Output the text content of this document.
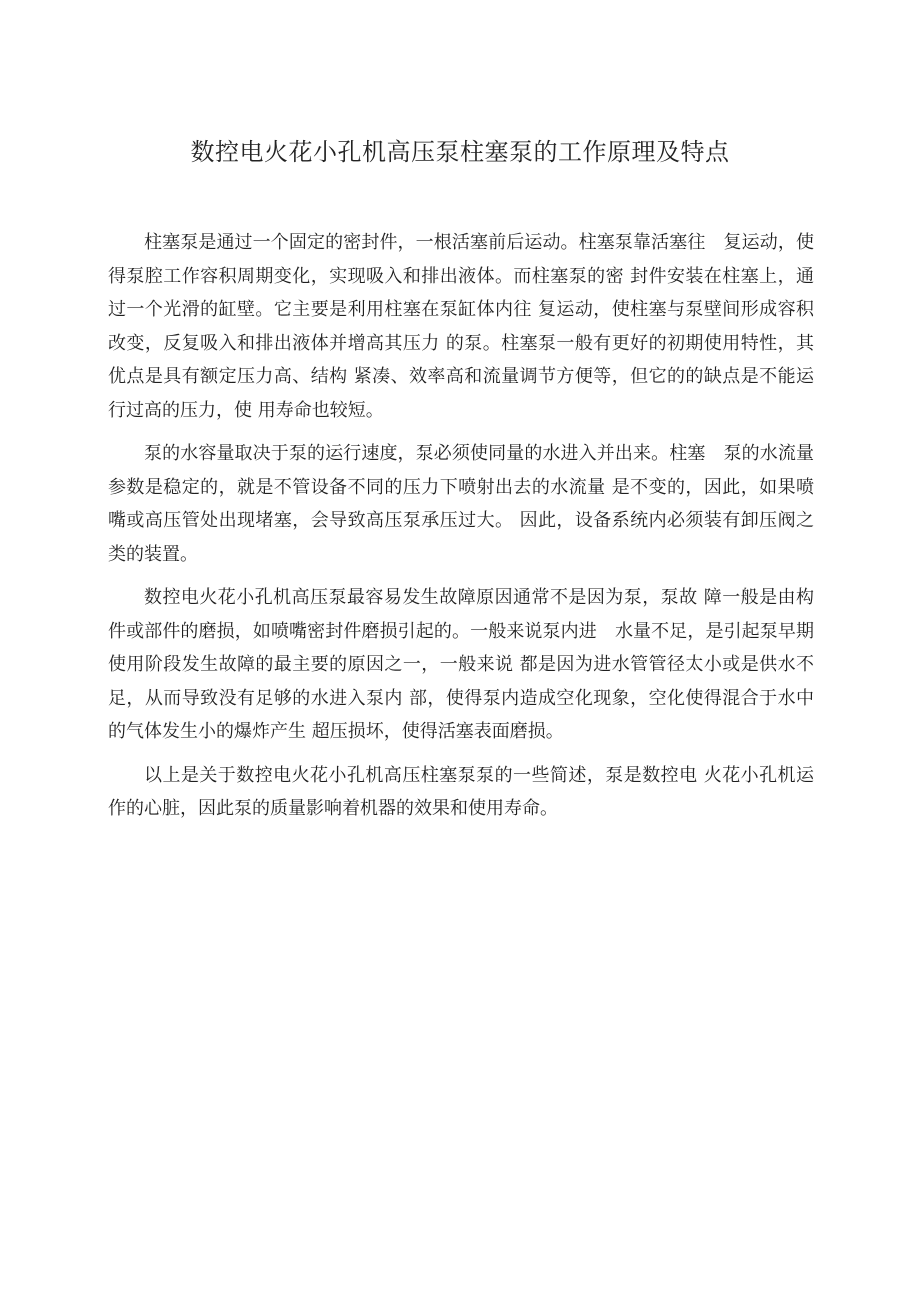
数控电火花小孔机高压泵柱塞泵的工作原理及特点

柱塞泵是通过一个固定的密封件，一根活塞前后运动。柱塞泵靠活塞往　复运动，使得泵腔工作容积周期变化，实现吸入和排出液体。而柱塞泵的密 封件安装在柱塞上，通过一个光滑的缸壁。它主要是利用柱塞在泵缸体内往 复运动，使柱塞与泵壁间形成容积改变，反复吸入和排出液体并增高其压力 的泵。柱塞泵一般有更好的初期使用特性，其优点是具有额定压力高、结构 紧凑、效率高和流量调节方便等，但它的的缺点是不能运行过高的压力，使 用寿命也较短。

泵的水容量取决于泵的运行速度，泵必须使同量的水进入并出来。柱塞　泵的水流量参数是稳定的，就是不管设备不同的压力下喷射出去的水流量 是不变的，因此，如果喷嘴或高压管处出现堵塞，会导致高压泵承压过大。 因此，设备系统内必须装有卸压阀之类的装置。

数控电火花小孔机高压泵最容易发生故障原因通常不是因为泵，泵故 障一般是由构件或部件的磨损，如喷嘴密封件磨损引起的。一般来说泵内进　水量不足，是引起泵早期使用阶段发生故障的最主要的原因之一，一般来说 都是因为进水管管径太小或是供水不足，从而导致没有足够的水进入泵内 部，使得泵内造成空化现象，空化使得混合于水中的气体发生小的爆炸产生 超压损坏，使得活塞表面磨损。

以上是关于数控电火花小孔机高压柱塞泵泵的一些简述，泵是数控电 火花小孔机运作的心脏，因此泵的质量影响着机器的效果和使用寿命。
